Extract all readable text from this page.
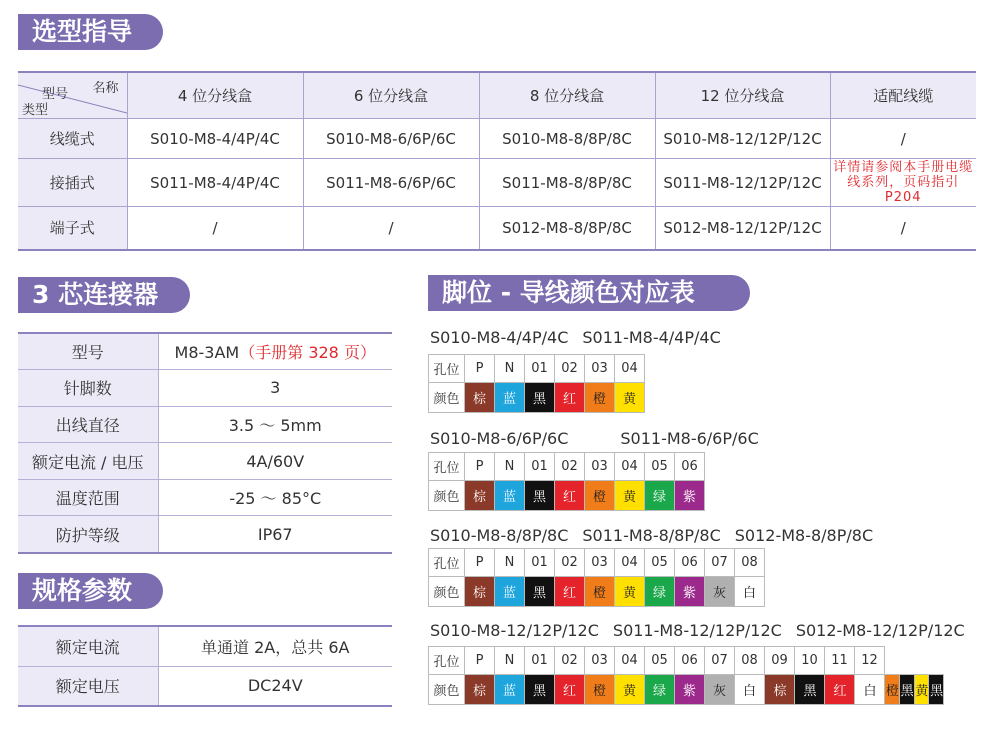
选型指导
3 芯连接器	脚位 - 导线颜色对应表
规格参数
名称
型号
类型	4 位分线盒	6 位分线盒	8 位分线盒	12 位分线盒	适配线缆
线缆式	S010-M8-4/4P/4C	S010-M8-6/6P/6C	S010-M8-8/8P/8C	S010-M8-12/12P/12C	/
接插式	S011-M8-4/4P/4C	S011-M8-6/6P/6C	S011-M8-8/8P/8C	S011-M8-12/12P/12C	详情请参阅本手册电缆线系列，页码指引 P204
端子式	/	/	S012-M8-8/8P/8C	S012-M8-12/12P/12C	/
型号	M8-3AM（手册第 328 页）
针脚数	3
出线直径	3.5 ～ 5mm
额定电流 / 电压	4A/60V
温度范围	-25 ～ 85°C
防护等级	IP67
额定电流	单通道 2A，总共 6A
额定电压	DC24V
S010-M8-4/4P/4C S011-M8-4/4P/4C
S010-M8-6/6P/6C	S011-M8-6/6P/6C
S010-M8-8/8P/8C S011-M8-8/8P/8C S012-M8-8/8P/8C
S010-M8-12/12P/12C S011-M8-12/12P/12C S012-M8-12/12P/12C
孔位	P	N	01	02	03	04
颜色	棕	蓝	黑	红	橙	黄
孔位	P	N	01	02	03	04	05	06
颜色	棕	蓝	黑	红	橙	黄	绿	紫
孔位	P	N	01	02	03	04	05	06	07	08
颜色	棕	蓝	黑	红	橙	黄	绿	紫	灰	白
孔位	P	N	01	02	03	04	05	06	07	08	09	10	11	12				
颜色	棕	蓝	黑	红	橙	黄	绿	紫	灰	白	棕	黑	红	白	橙	黑	黄	黑
